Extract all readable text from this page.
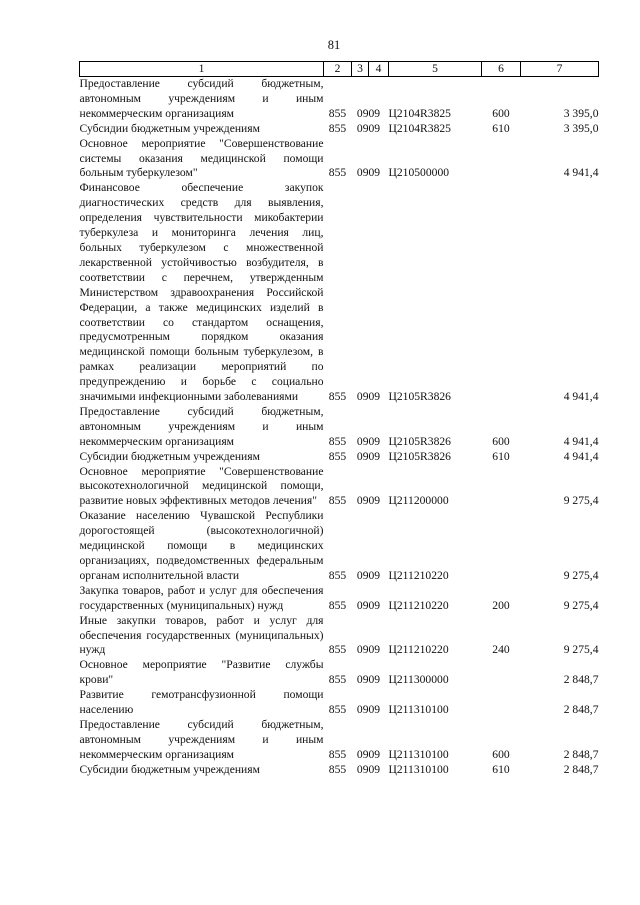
81
1	2	3	4	5	6	7
Предоставление субсидий бюджетным, автономным учреждениям и иным некоммерческим организациям	855	09	09	Ц2104R3825	600	3 395,0
Субсидии бюджетным учреждениям	855	09	09	Ц2104R3825	610	3 395,0
Основное мероприятие "Совершенствование системы оказания медицинской помощи больным туберкулезом"	855	09	09	Ц210500000		4 941,4
Финансовое обеспечение закупок диагностических средств для выявления, определения чувствительности микобактерии туберкулеза и мониторинга лечения лиц, больных туберкулезом с множественной лекарственной устойчивостью возбудителя, в соответствии с перечнем, утвержденным Министерством здравоохранения Российской Федерации, а также медицинских изделий в соответствии со стандартом оснащения, предусмотренным порядком оказания медицинской помощи больным туберкулезом, в рамках реализации мероприятий по предупреждению и борьбе с социально значимыми инфекционными заболеваниями	855	09	09	Ц2105R3826		4 941,4
Предоставление субсидий бюджетным, автономным учреждениям и иным некоммерческим организациям	855	09	09	Ц2105R3826	600	4 941,4
Субсидии бюджетным учреждениям	855	09	09	Ц2105R3826	610	4 941,4
Основное мероприятие "Совершенствование высокотехнологичной медицинской помощи, развитие новых эффективных методов лечения"	855	09	09	Ц211200000		9 275,4
Оказание населению Чувашской Республики дорогостоящей (высокотехнологичной) медицинской помощи в медицинских организациях, подведомственных федеральным органам исполнительной власти	855	09	09	Ц211210220		9 275,4
Закупка товаров, работ и услуг для обеспечения государственных (муниципальных) нужд	855	09	09	Ц211210220	200	9 275,4
Иные закупки товаров, работ и услуг для обеспечения государственных (муниципальных) нужд	855	09	09	Ц211210220	240	9 275,4
Основное мероприятие "Развитие службы крови"	855	09	09	Ц211300000		2 848,7
Развитие гемотрансфузионной помощи населению	855	09	09	Ц211310100		2 848,7
Предоставление субсидий бюджетным, автономным учреждениям и иным некоммерческим организациям	855	09	09	Ц211310100	600	2 848,7
Субсидии бюджетным учреждениям	855	09	09	Ц211310100	610	2 848,7
